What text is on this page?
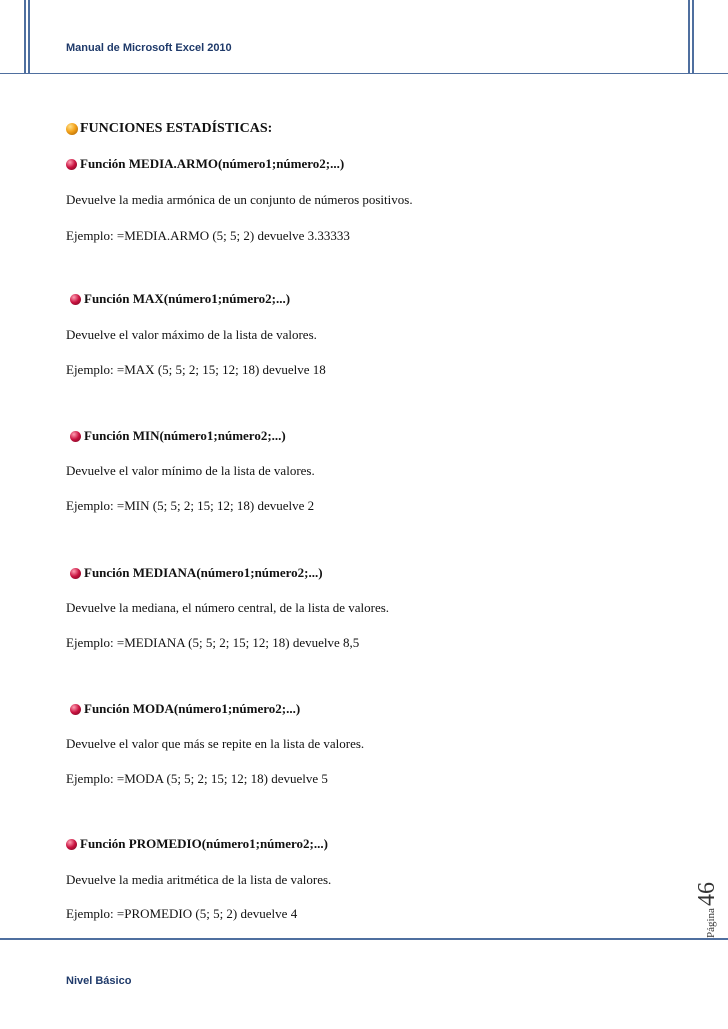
Manual de Microsoft Excel 2010
FUNCIONES ESTADÍSTICAS:
Función MEDIA.ARMO(número1;número2;...)
Devuelve la media armónica de un conjunto de números positivos.
Ejemplo: =MEDIA.ARMO (5; 5; 2) devuelve 3.33333
Función MAX(número1;número2;...)
Devuelve el valor máximo de la lista de valores.
Ejemplo: =MAX (5; 5; 2; 15; 12; 18) devuelve 18
Función MIN(número1;número2;...)
Devuelve el valor mínimo de la lista de valores.
Ejemplo: =MIN (5; 5; 2; 15; 12; 18) devuelve 2
Función MEDIANA(número1;número2;...)
Devuelve la mediana, el número central, de la lista de valores.
Ejemplo: =MEDIANA (5; 5; 2; 15; 12; 18) devuelve 8,5
Función MODA(número1;número2;...)
Devuelve el valor que más se repite en la lista de valores.
Ejemplo: =MODA (5; 5; 2; 15; 12; 18) devuelve 5
Función PROMEDIO(número1;número2;...)
Devuelve la media aritmética de la lista de valores.
Ejemplo: =PROMEDIO (5; 5; 2) devuelve 4	Página
46
Nivel Básico
